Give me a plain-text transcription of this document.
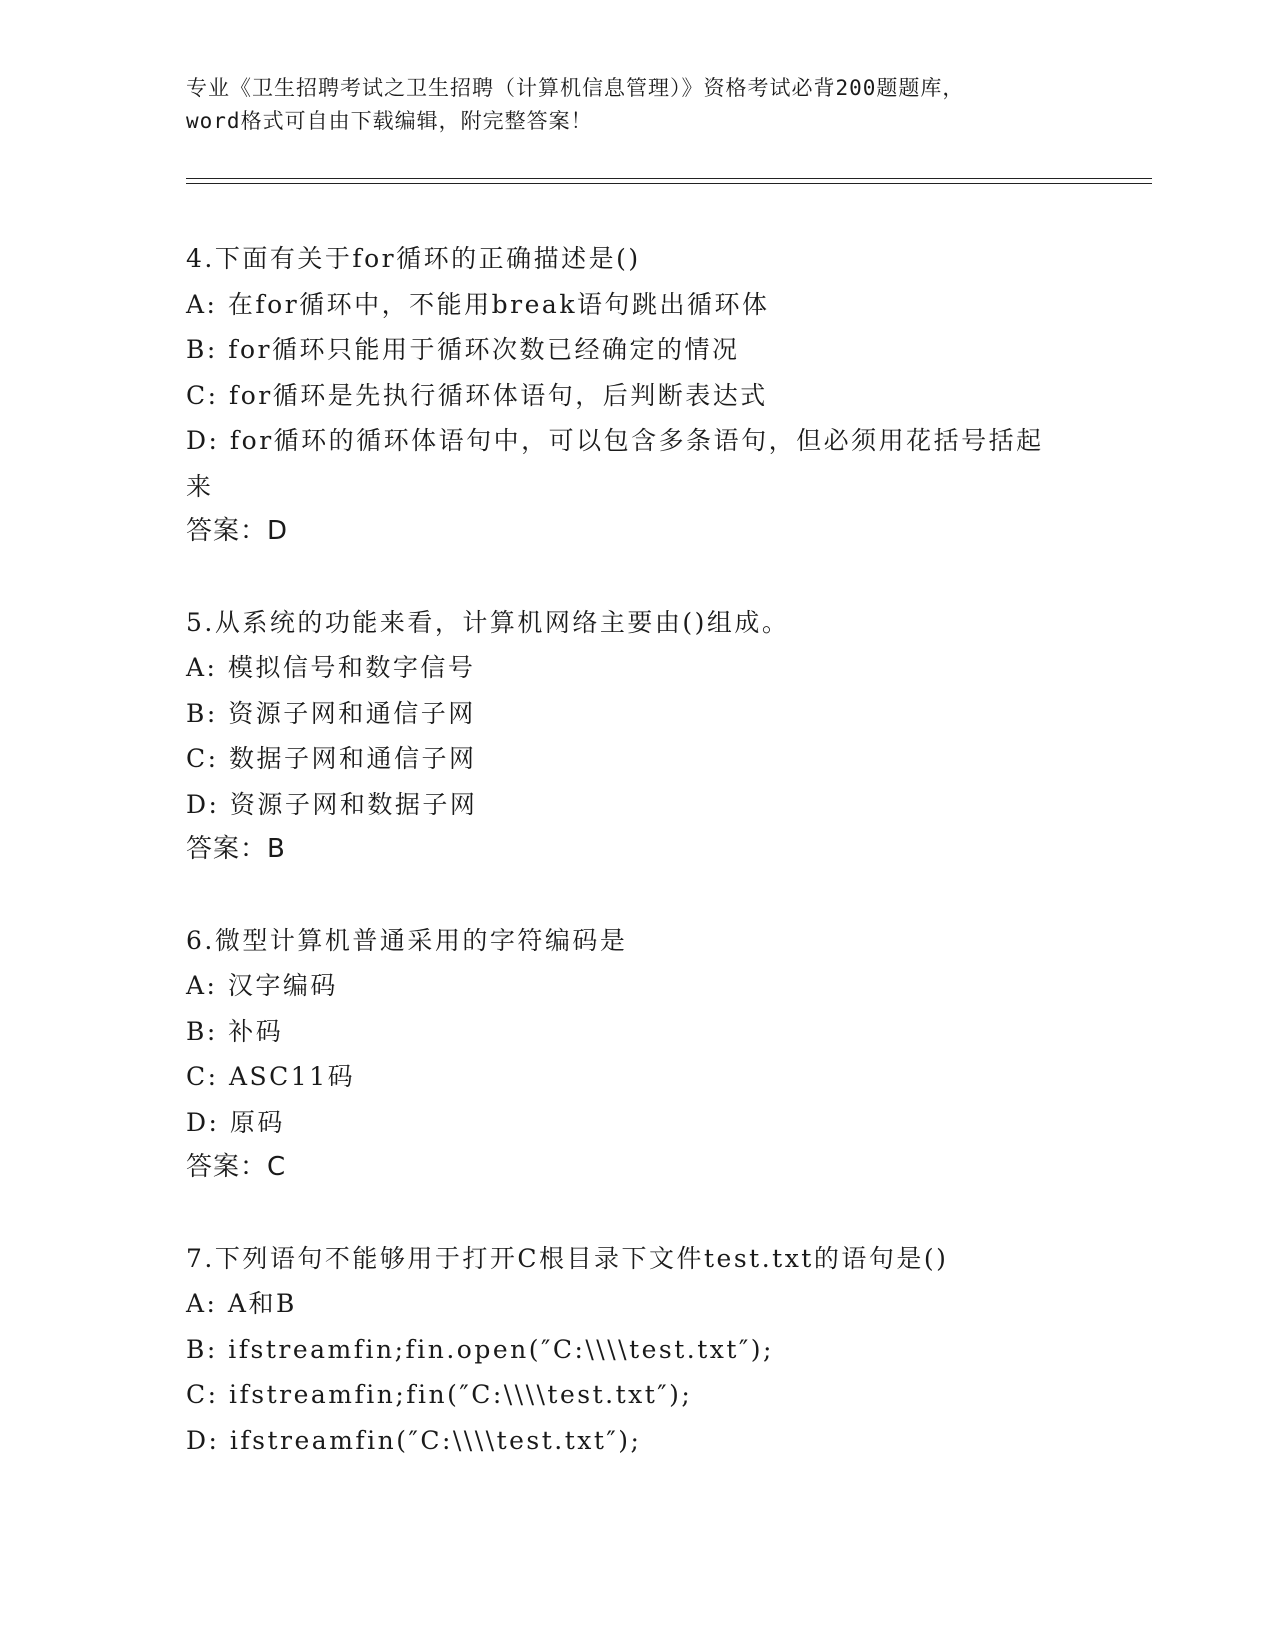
专业《卫生招聘考试之卫生招聘（计算机信息管理）》资格考试必背200题题库，
word格式可自由下载编辑，附完整答案！
4.下面有关于for循环的正确描述是()
A: 在for循环中，不能用break语句跳出循环体
B: for循环只能用于循环次数已经确定的情况
C: for循环是先执行循环体语句，后判断表达式
D: for循环的循环体语句中，可以包含多条语句，但必须用花括号括起来
答案：D
5.从系统的功能来看，计算机网络主要由()组成。
A: 模拟信号和数字信号
B: 资源子网和通信子网
C: 数据子网和通信子网
D: 资源子网和数据子网
答案：B
6.微型计算机普通采用的字符编码是
A: 汉字编码
B: 补码
C: ASC11码
D: 原码
答案：C
7.下列语句不能够用于打开C根目录下文件test.txt的语句是()
A: A和B
B: ifstreamfin;fin.open(″C:\\\\test.txt″);
C: ifstreamfin;fin(″C:\\\\test.txt″);
D: ifstreamfin(″C:\\\\test.txt″);
